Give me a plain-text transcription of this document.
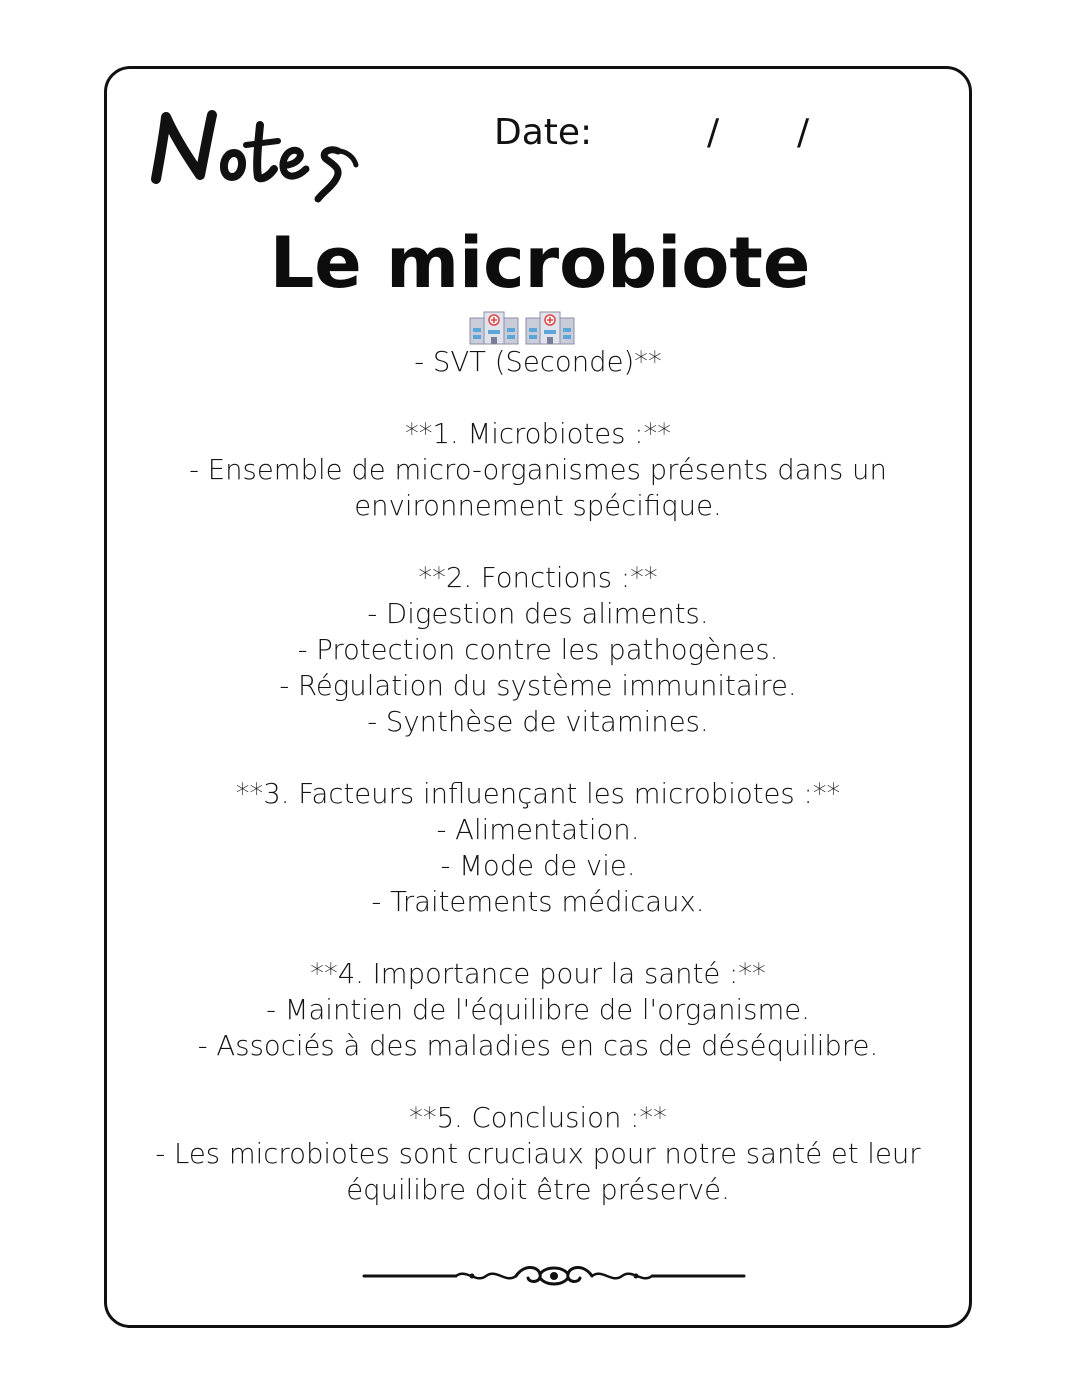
Date:	/ /
Le microbiote
- SVT (Seconde)**
**1. Microbiotes :**
- Ensemble de micro-organismes présents dans un
environnement spécifique.
**2. Fonctions :**
- Digestion des aliments.
- Protection contre les pathogènes.
- Régulation du système immunitaire.
- Synthèse de vitamines.
**3. Facteurs influençant les microbiotes :**
- Alimentation.
- Mode de vie.
- Traitements médicaux.
**4. Importance pour la santé :**
- Maintien de l'équilibre de l'organisme.
- Associés à des maladies en cas de déséquilibre.
**5. Conclusion :**
- Les microbiotes sont cruciaux pour notre santé et leur
équilibre doit être préservé.
